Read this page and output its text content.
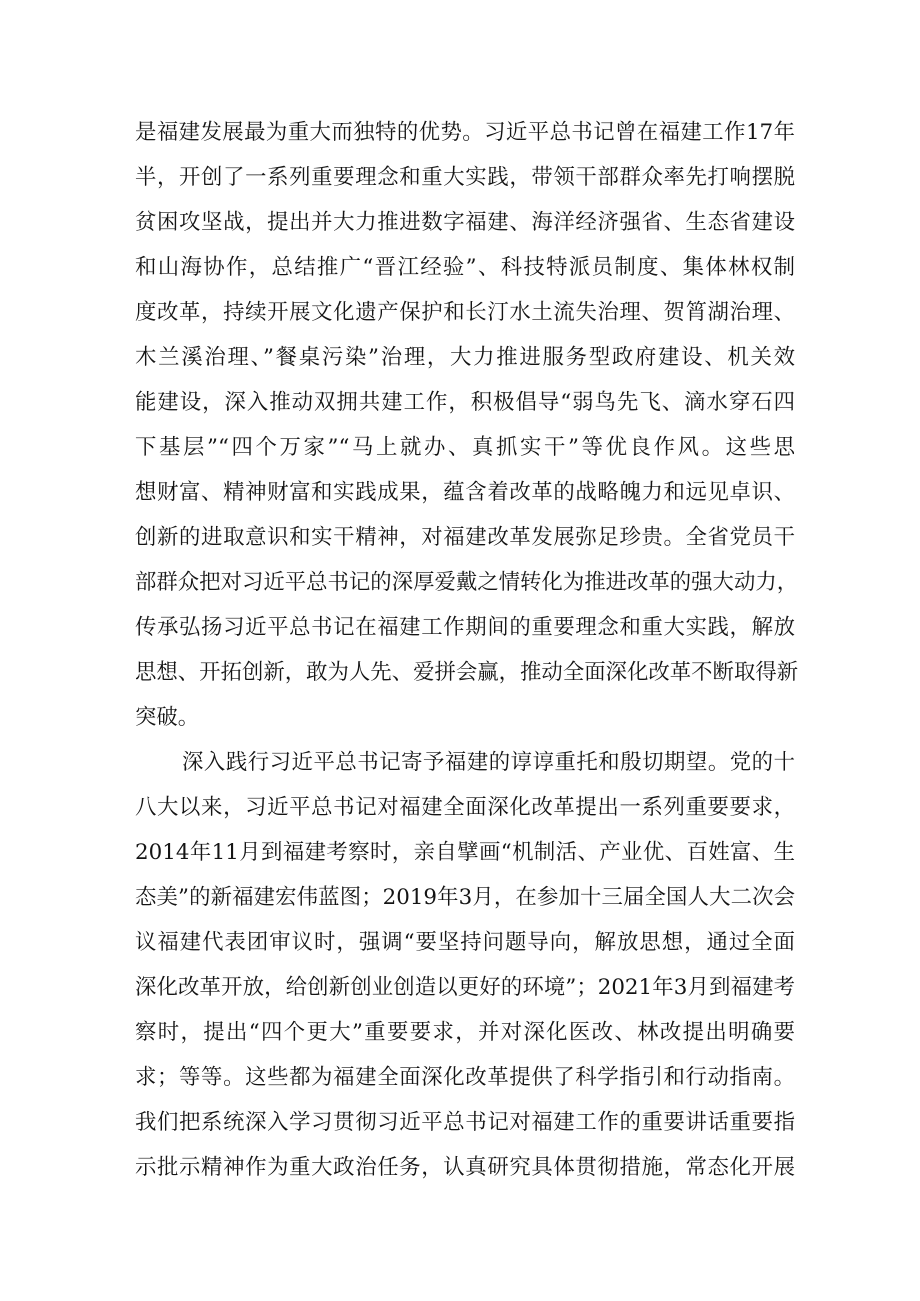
是福建发展最为重大而独特的优势。习近平总书记曾在福建工作17年
半，开创了一系列重要理念和重大实践，带领干部群众率先打响摆脱
贫困攻坚战，提出并大力推进数字福建、海洋经济强省、生态省建设
和山海协作，总结推广“晋江经验”、科技特派员制度、集体林权制
度改革，持续开展文化遗产保护和长汀水土流失治理、贺筲湖治理、
木兰溪治理、”餐桌污染”治理，大力推进服务型政府建设、机关效
能建设，深入推动双拥共建工作，积极倡导“弱鸟先飞、滴水穿石四
下基层”“四个万家”“马上就办、真抓实干”等优良作风。这些思
想财富、精神财富和实践成果，蕴含着改革的战略魄力和远见卓识、
创新的进取意识和实干精神，对福建改革发展弥足珍贵。全省党员干
部群众把对习近平总书记的深厚爱戴之情转化为推进改革的强大动力，
传承弘扬习近平总书记在福建工作期间的重要理念和重大实践，解放
思想、开拓创新，敢为人先、爱拼会赢，推动全面深化改革不断取得新
突破。
深入践行习近平总书记寄予福建的谆谆重托和殷切期望。党的十
八大以来，习近平总书记对福建全面深化改革提出一系列重要要求，
2014年11月到福建考察时，亲自擘画“机制活、产业优、百姓富、生
态美”的新福建宏伟蓝图；2019年3月，在参加十三届全国人大二次会
议福建代表团审议时，强调“要坚持问题导向，解放思想，通过全面
深化改革开放，给创新创业创造以更好的环境”；2021年3月到福建考
察时，提出“四个更大”重要要求，并对深化医改、林改提出明确要
求；等等。这些都为福建全面深化改革提供了科学指引和行动指南。
我们把系统深入学习贯彻习近平总书记对福建工作的重要讲话重要指
示批示精神作为重大政治任务，认真研究具体贯彻措施，常态化开展
